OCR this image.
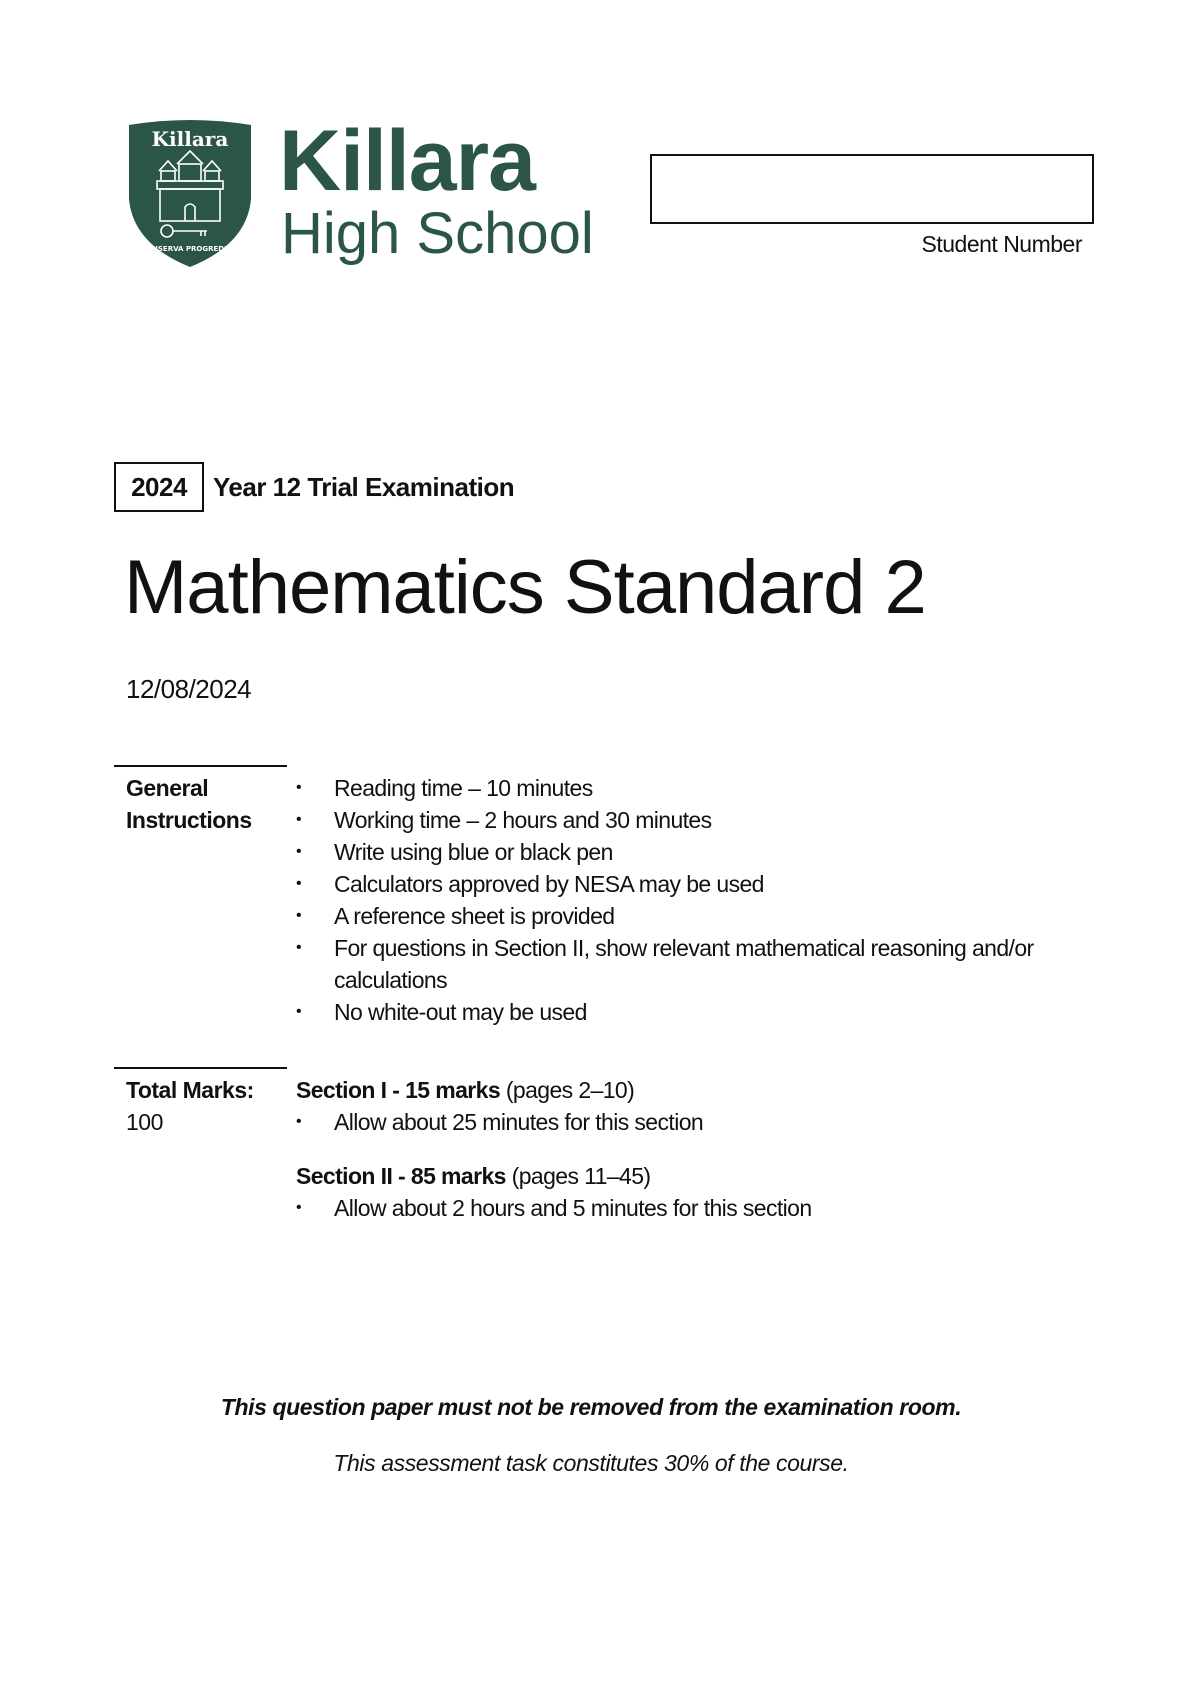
Killara
CONSERVA PROGREDERE
Killara
High School	Student Number
2024	Year 12 Trial Examination
Mathematics Standard 2
12/08/2024
General
Instructions
• Reading time – 10 minutes
• Working time – 2 hours and 30 minutes
• Write using blue or black pen
• Calculators approved by NESA may be used
• A reference sheet is provided
• For questions in Section II, show relevant mathematical reasoning and/or calculations
• No white-out may be used
Total Marks:
100
Section I - 15 marks (pages 2–10)
• Allow about 25 minutes for this section
Section II - 85 marks (pages 11–45)
• Allow about 2 hours and 5 minutes for this section
This question paper must not be removed from the examination room.
This assessment task constitutes 30% of the course.
